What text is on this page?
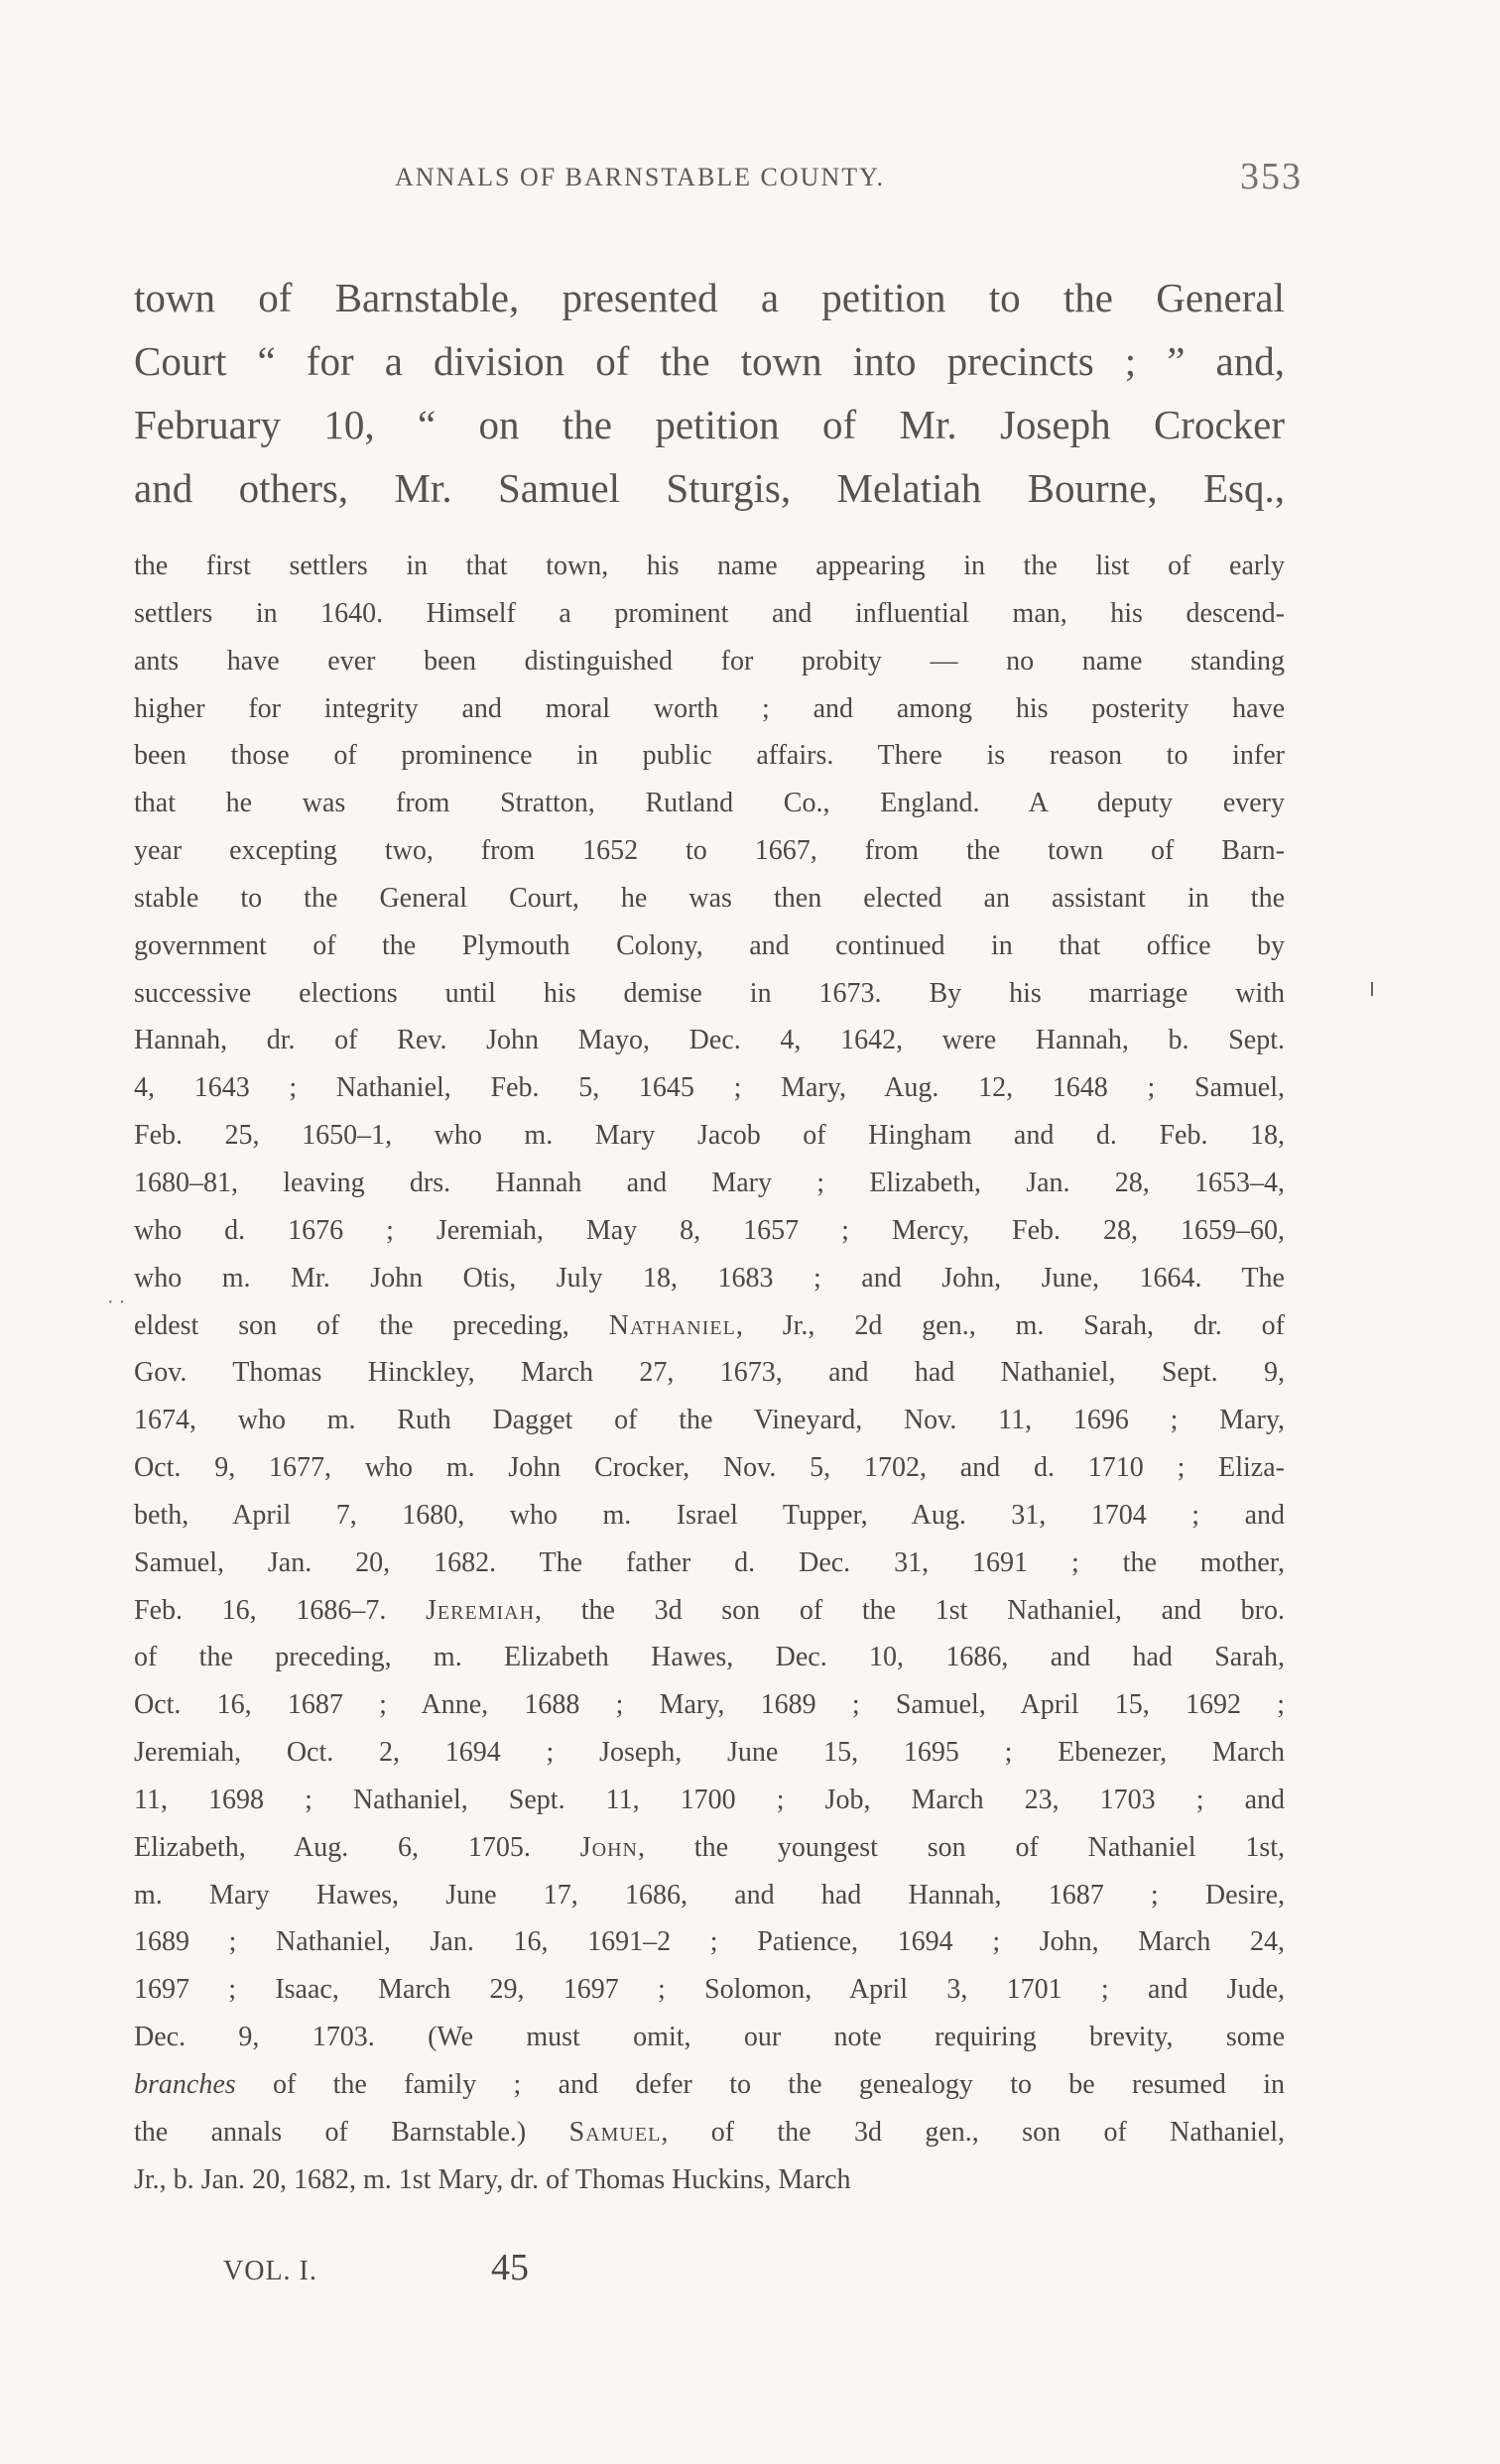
ANNALS OF BARNSTABLE COUNTY.	353
town of Barnstable, presented a petition to the General
Court “ for a division of the town into precincts ; ” and,
February 10, “ on the petition of Mr. Joseph Crocker
and others, Mr. Samuel Sturgis, Melatiah Bourne, Esq.,
the first settlers in that town, his name appearing in the list of early
settlers in 1640. Himself a prominent and influential man, his descend-
ants have ever been distinguished for probity — no name standing
higher for integrity and moral worth ; and among his posterity have
been those of prominence in public affairs. There is reason to infer
that he was from Stratton, Rutland Co., England. A deputy every
year excepting two, from 1652 to 1667, from the town of Barn-
stable to the General Court, he was then elected an assistant in the
government of the Plymouth Colony, and continued in that office by
successive elections until his demise in 1673. By his marriage with
Hannah, dr. of Rev. John Mayo, Dec. 4, 1642, were Hannah, b. Sept.
4, 1643 ; Nathaniel, Feb. 5, 1645 ; Mary, Aug. 12, 1648 ; Samuel,
Feb. 25, 1650–1, who m. Mary Jacob of Hingham and d. Feb. 18,
1680–81, leaving drs. Hannah and Mary ; Elizabeth, Jan. 28, 1653–4,
who d. 1676 ; Jeremiah, May 8, 1657 ; Mercy, Feb. 28, 1659–60,
who m. Mr. John Otis, July 18, 1683 ; and John, June, 1664. The
eldest son of the preceding, Nathaniel, Jr., 2d gen., m. Sarah, dr. of
Gov. Thomas Hinckley, March 27, 1673, and had Nathaniel, Sept. 9,
1674, who m. Ruth Dagget of the Vineyard, Nov. 11, 1696 ; Mary,
Oct. 9, 1677, who m. John Crocker, Nov. 5, 1702, and d. 1710 ; Eliza-
beth, April 7, 1680, who m. Israel Tupper, Aug. 31, 1704 ; and
Samuel, Jan. 20, 1682. The father d. Dec. 31, 1691 ; the mother,
Feb. 16, 1686–7. Jeremiah, the 3d son of the 1st Nathaniel, and bro.
of the preceding, m. Elizabeth Hawes, Dec. 10, 1686, and had Sarah,
Oct. 16, 1687 ; Anne, 1688 ; Mary, 1689 ; Samuel, April 15, 1692 ;
Jeremiah, Oct. 2, 1694 ; Joseph, June 15, 1695 ; Ebenezer, March
11, 1698 ; Nathaniel, Sept. 11, 1700 ; Job, March 23, 1703 ; and
Elizabeth, Aug. 6, 1705. John, the youngest son of Nathaniel 1st,
m. Mary Hawes, June 17, 1686, and had Hannah, 1687 ; Desire,
1689 ; Nathaniel, Jan. 16, 1691–2 ; Patience, 1694 ; John, March 24,
1697 ; Isaac, March 29, 1697 ; Solomon, April 3, 1701 ; and Jude,
Dec. 9, 1703. (We must omit, our note requiring brevity, some
branches of the family ; and defer to the genealogy to be resumed in
the annals of Barnstable.) Samuel, of the 3d gen., son of Nathaniel,
Jr., b. Jan. 20, 1682, m. 1st Mary, dr. of Thomas Huckins, March
· ·
VOL. I.	45
